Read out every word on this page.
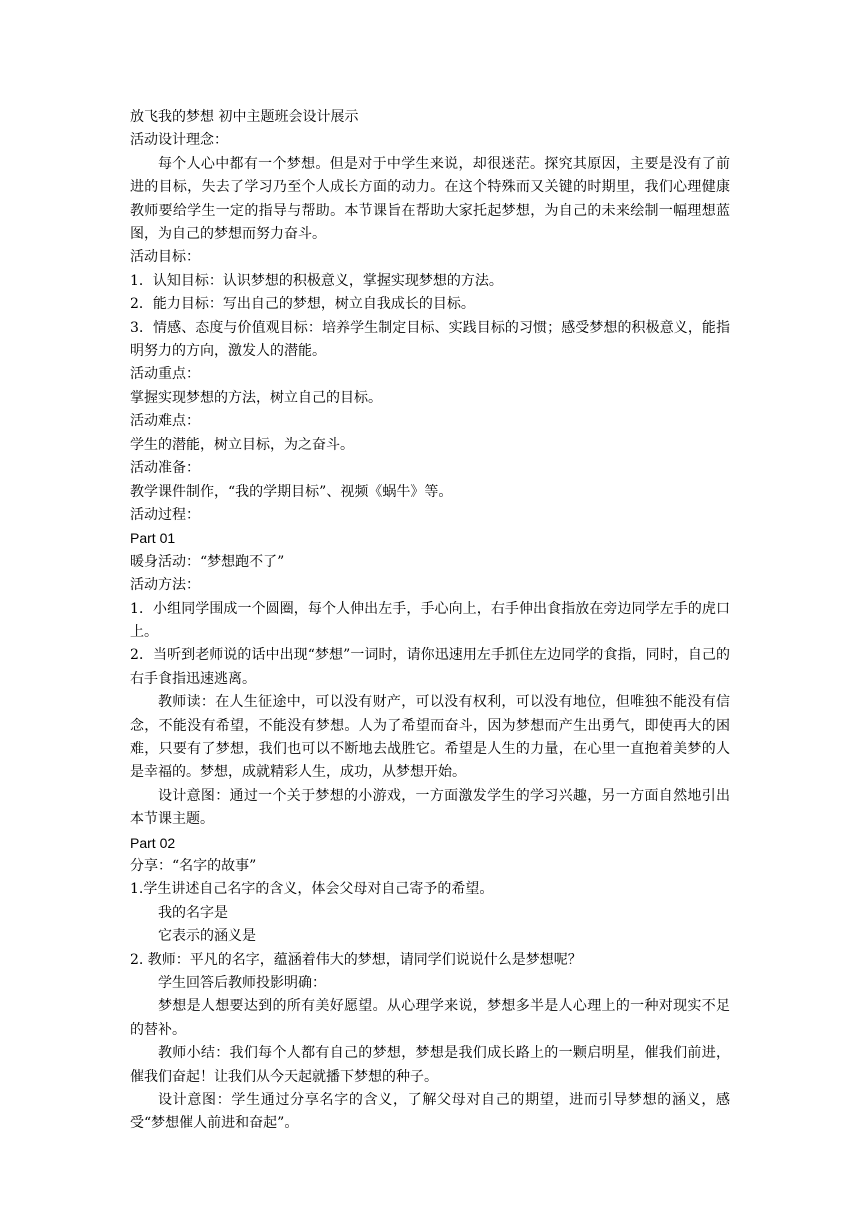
放飞我的梦想 初中主题班会设计展示

活动设计理念：

每个人心中都有一个梦想。但是对于中学生来说，却很迷茫。探究其原因，主要是没有了前进的目标，失去了学习乃至个人成长方面的动力。在这个特殊而又关键的时期里，我们心理健康教师要给学生一定的指导与帮助。本节课旨在帮助大家托起梦想，为自己的未来绘制一幅理想蓝图，为自己的梦想而努力奋斗。

活动目标：

1．认知目标：认识梦想的积极意义，掌握实现梦想的方法。

2．能力目标：写出自己的梦想，树立自我成长的目标。

3．情感、态度与价值观目标：培养学生制定目标、实践目标的习惯；感受梦想的积极意义，能指明努力的方向，激发人的潜能。

活动重点：

掌握实现梦想的方法，树立自己的目标。

活动难点：

学生的潜能，树立目标，为之奋斗。

活动准备：

教学课件制作，“我的学期目标”、视频《蜗牛》等。

活动过程：

Part 01

暖身活动：“梦想跑不了”

活动方法：

1．小组同学围成一个圆圈，每个人伸出左手，手心向上，右手伸出食指放在旁边同学左手的虎口上。

2．当听到老师说的话中出现“梦想”一词时，请你迅速用左手抓住左边同学的食指，同时，自己的右手食指迅速逃离。

教师读：在人生征途中，可以没有财产，可以没有权利，可以没有地位，但唯独不能没有信念，不能没有希望，不能没有梦想。人为了希望而奋斗，因为梦想而产生出勇气，即使再大的困难，只要有了梦想，我们也可以不断地去战胜它。希望是人生的力量，在心里一直抱着美梦的人是幸福的。梦想，成就精彩人生，成功，从梦想开始。

设计意图：通过一个关于梦想的小游戏，一方面激发学生的学习兴趣，另一方面自然地引出本节课主题。

Part 02

分享：“名字的故事”

1.学生讲述自己名字的含义，体会父母对自己寄予的希望。

我的名字是

它表示的涵义是

2. 教师：平凡的名字，蕴涵着伟大的梦想，请同学们说说什么是梦想呢？

学生回答后教师投影明确：

梦想是人想要达到的所有美好愿望。从心理学来说，梦想多半是人心理上的一种对现实不足的替补。

教师小结：我们每个人都有自己的梦想，梦想是我们成长路上的一颗启明星，催我们前进，催我们奋起！让我们从今天起就播下梦想的种子。

设计意图：学生通过分享名字的含义，了解父母对自己的期望，进而引导梦想的涵义，感受“梦想催人前进和奋起”。
